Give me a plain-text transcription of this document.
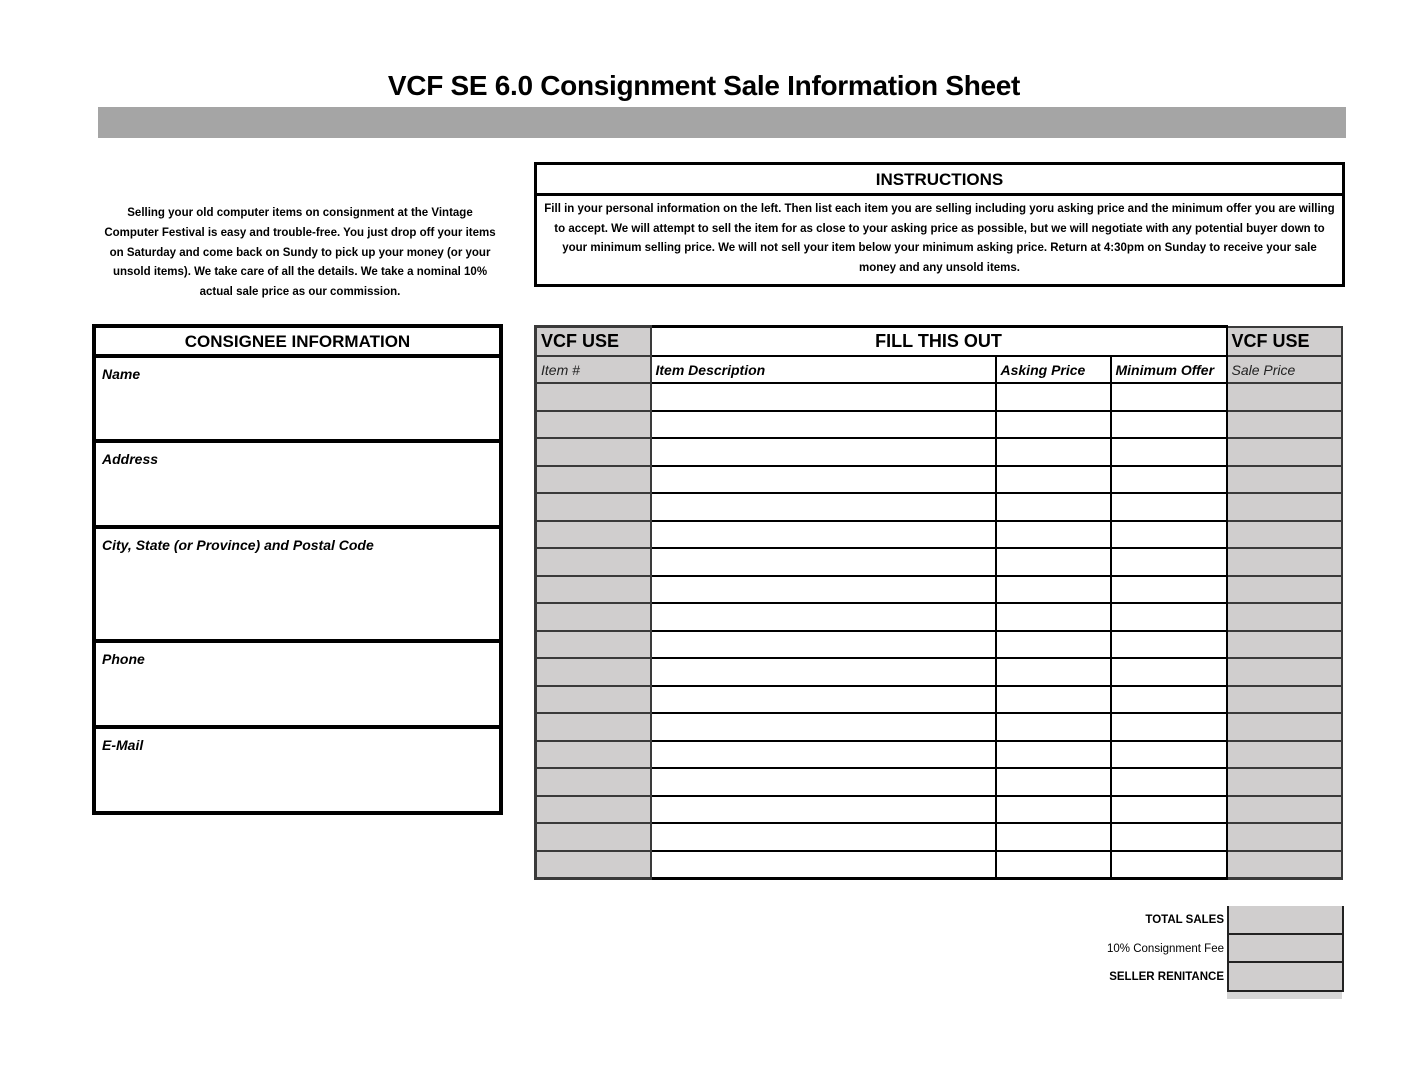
VCF SE 6.0 Consignment Sale Information Sheet
Selling your old computer items on consignment at the Vintage Computer Festival is easy and trouble-free. You just drop off your items on Saturday and come back on Sundy to pick up your money (or your unsold items). We take care of all the details. We take a nominal 10% actual sale price as our commission.
INSTRUCTIONS
Fill in your personal information on the left. Then list each item you are selling including yoru asking price and the minimum offer you are willing to accept. We will attempt to sell the item for as close to your asking price as possible, but we will negotiate with any potential buyer down to your minimum selling price. We will not sell your item below your minimum asking price. Return at 4:30pm on Sunday to receive your sale money and any unsold items.
CONSIGNEE INFORMATION
Name
Address
City, State (or Province) and Postal Code
Phone
E-Mail
VCF USE	FILL THIS OUT			VCF USE
Item #	Item Description	Asking Price	Minimum Offer	Sale Price

TOTAL SALES
10% Consignment Fee
SELLER RENITANCE
